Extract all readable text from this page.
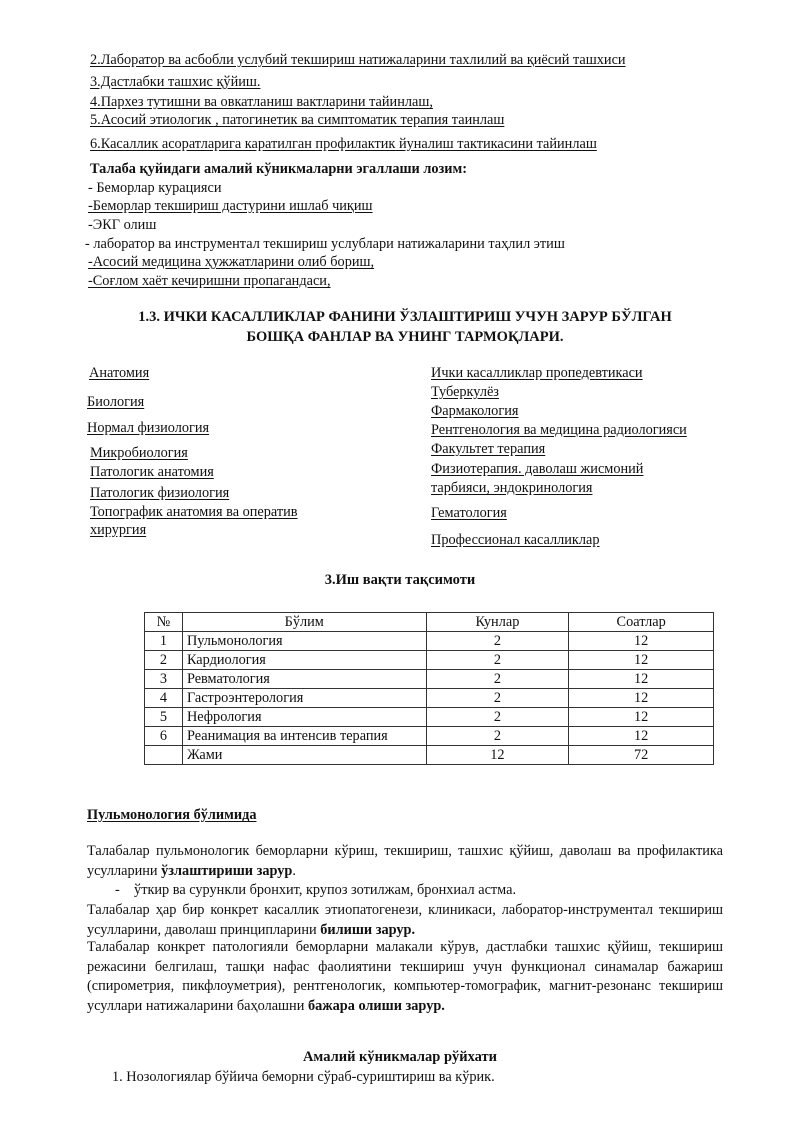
2.Лаборатор ва асбобли услубий текшириш натижаларини тахлилий ва қиёсий ташхиси
3.Дастлабки ташхис қўйиш.
4.Пархез тутишни ва овкатланиш вактларини тайинлаш,
5.Асосий этиологик , патогинетик ва симптоматик терапия таинлаш
6.Касаллик асоратларига каратилган профилактик йуналиш тактикасини тайинлаш
Талаба қуйидаги амалий кўникмаларни эгаллаши лозим:
- Беморлар курацияси
-Беморлар текшириш дастурини ишлаб чиқиш
-ЭКГ олиш
- лаборатор ва инструментал текшириш услублари натижаларини таҳлил этиш
-Асосий медицина ҳужжатларини олиб бориш,
-Соғлом хаёт кечиришни пропагандаси,
1.3. ИЧКИ КАСАЛЛИКЛАР ФАНИНИ ЎЗЛАШТИРИШ УЧУН ЗАРУР БЎЛГАН
БОШҚА ФАНЛАР ВА УНИНГ ТАРМОҚЛАРИ.
Анатомия
Биология
Нормал физиология
Микробиология
Патологик анатомия
Патологик физиология
Топографик анатомия ва оператив
хирургия
Ички касалликлар пропедевтикаси
Туберкулёз
Фармакология
Рентгенология ва медицина радиологияси
Факультет терапия
Физиотерапия. даволаш жисмоний
тарбияси, эндокринология
Гематология
Профессионал касалликлар
3.Иш вақти тақсимоти
№	Бўлим	Кунлар	Соатлар
1	Пульмонология	2	12
2	Кардиология	2	12
3	Ревматология	2	12
4	Гастроэнтерология	2	12
5	Нефрология	2	12
6	Реанимация ва интенсив терапия	2	12
	Жами	12	72
Пульмонология бўлимида
Талабалар пульмонологик беморларни кўриш, текшириш, ташхис қўйиш, даволаш ва профилактика усулларини ўзлаштириши зарур.
-    ўткир ва сурункли бронхит, крупоз зотилжам, бронхиал астма.
Талабалар ҳар бир конкрет касаллик этиопатогенези, клиникаси, лаборатор-инструментал текшириш усулларини, даволаш принципларини билиши зарур.
Талабалар конкрет патологияли беморларни малакали кўрув, дастлабки ташхис қўйиш, текшириш режасини белгилаш, ташқи нафас фаолиятини текшириш учун функционал синамалар бажариш (спирометрия, пикфлоуметрия), рентгенологик, компьютер-томографик, магнит-резонанс текшириш усуллари натижаларини баҳолашни бажара олиши зарур.
Амалий кўникмалар рўйхати
1. Нозологиялар бўйича беморни сўраб-суриштириш ва кўрик.
